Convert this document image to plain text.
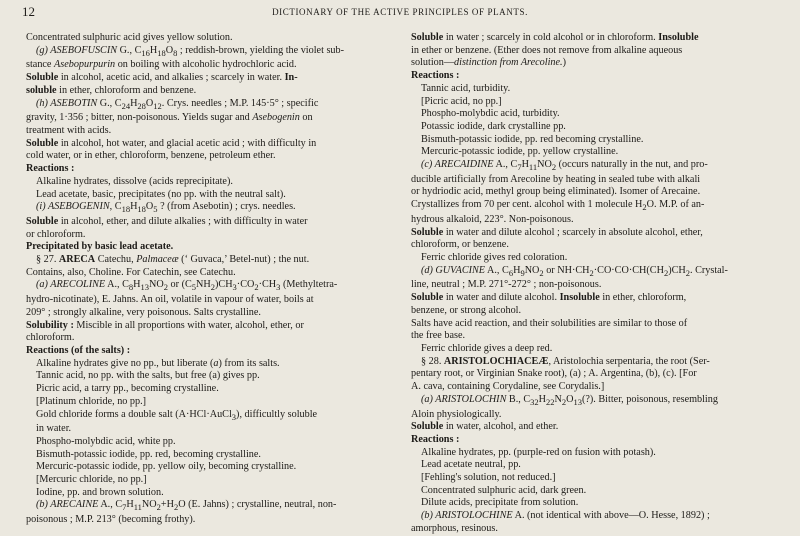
12	DICTIONARY OF THE ACTIVE PRINCIPLES OF PLANTS.

Concentrated sulphuric acid gives yellow solution.

(g) ASEBOFUSCIN G., $C_{16}H_{18}O_8$ ; reddish-brown, yielding the violet sub-

stance Asebopurpurin on boiling with alcoholic hydrochloric acid.

Soluble in alcohol, acetic acid, and alkalies ; scarcely in water. In-

soluble in ether, chloroform and benzene.

(h) ASEBOTIN G., $C_{24}H_{28}O_{12}$. Crys. needles ; M.P. 145·5° ; specific

gravity, 1·356 ; bitter, non-poisonous. Yields sugar and Asebogenin on

treatment with acids.

Soluble in alcohol, hot water, and glacial acetic acid ; with difficulty in

cold water, or in ether, chloroform, benzene, petroleum ether.

Reactions :

Alkaline hydrates, dissolve (acids reprecipitate).

Lead acetate, basic, precipitates (no pp. with the neutral salt).

(i) ASEBOGENIN, $C_{18}H_{18}O_5$ ? (from Asebotin) ; crys. needles.

Soluble in alcohol, ether, and dilute alkalies ; with difficulty in water

or chloroform.

Precipitated by basic lead acetate.

§ 27. ARECA Catechu, Palmaceæ (‘ Guvaca,’ Betel-nut) ; the nut.

Contains, also, Choline. For Catechin, see Catechu.

(a) ARECOLINE A., $C_8H_{13}NO_2$ or $(C_5NH_2)CH_3\cdot CO_2\cdot CH_3$ (Methyltetra-

hydro-nicotinate), E. Jahns. An oil, volatile in vapour of water, boils at

209° ; strongly alkaline, very poisonous. Salts crystalline.

Solubility : Miscible in all proportions with water, alcohol, ether, or

chloroform.

Reactions (of the salts) :

Alkaline hydrates give no pp., but liberate (a) from its salts.

Tannic acid, no pp. with the salts, but free (a) gives pp.

Picric acid, a tarry pp., becoming crystalline.

[Platinum chloride, no pp.]

Gold chloride forms a double salt (A·HCl·AuCl$_3$), difficultly soluble

in water.

Phospho-molybdic acid, white pp.

Bismuth-potassic iodide, pp. red, becoming crystalline.

Mercuric-potassic iodide, pp. yellow oily, becoming crystalline.

[Mercuric chloride, no pp.]

Iodine, pp. and brown solution.

(b) ARECAINE A., $C_7H_{11}NO_2+H_2O$ (E. Jahns) ; crystalline, neutral, non-

poisonous ; M.P. 213° (becoming frothy).

Soluble in water ; scarcely in cold alcohol or in chloroform. Insoluble

in ether or benzene. (Ether does not remove from alkaline aqueous

solution—distinction from Arecoline.)

Reactions :

Tannic acid, turbidity.

[Picric acid, no pp.]

Phospho-molybdic acid, turbidity.

Potassic iodide, dark crystalline pp.

Bismuth-potassic iodide, pp. red becoming crystalline.

Mercuric-potassic iodide, pp. yellow crystalline.

(c) ARECAIDINE A., $C_7H_{11}NO_2$ (occurs naturally in the nut, and pro-

ducible artificially from Arecoline by heating in sealed tube with alkali

or hydriodic acid, methyl group being eliminated). Isomer of Arecaine.

Crystallizes from 70 per cent. alcohol with 1 molecule $H_2O$. M.P. of an-

hydrous alkaloid, 223°. Non-poisonous.

Soluble in water and dilute alcohol ; scarcely in absolute alcohol, ether,

chloroform, or benzene.

Ferric chloride gives red coloration.

(d) GUVACINE A., $C_6H_9NO_2$ or $NH\cdot CH_2\cdot CO\cdot CO\cdot CH(CH_2)CH_2$. Crystal-

line, neutral ; M.P. 271°-272° ; non-poisonous.

Soluble in water and dilute alcohol. Insoluble in ether, chloroform,

benzene, or strong alcohol.

Salts have acid reaction, and their solubilities are similar to those of

the free base.

Ferric chloride gives a deep red.

§ 28. ARISTOLOCHIACEÆ, Aristolochia serpentaria, the root (Ser-

pentary root, or Virginian Snake root), (a) ; A. Argentina, (b), (c). [For

A. cava, containing Corydaline, see Corydalis.]

(a) ARISTOLOCHIN B., $C_{32}H_{22}N_2O_{13}(?)$. Bitter, poisonous, resembling

Aloin physiologically.

Soluble in water, alcohol, and ether.

Reactions :

Alkaline hydrates, pp. (purple-red on fusion with potash).

Lead acetate neutral, pp.

[Fehling's solution, not reduced.]

Concentrated sulphuric acid, dark green.

Dilute acids, precipitate from solution.

(b) ARISTOLOCHINE A. (not identical with above—O. Hesse, 1892) ;

amorphous, resinous.
